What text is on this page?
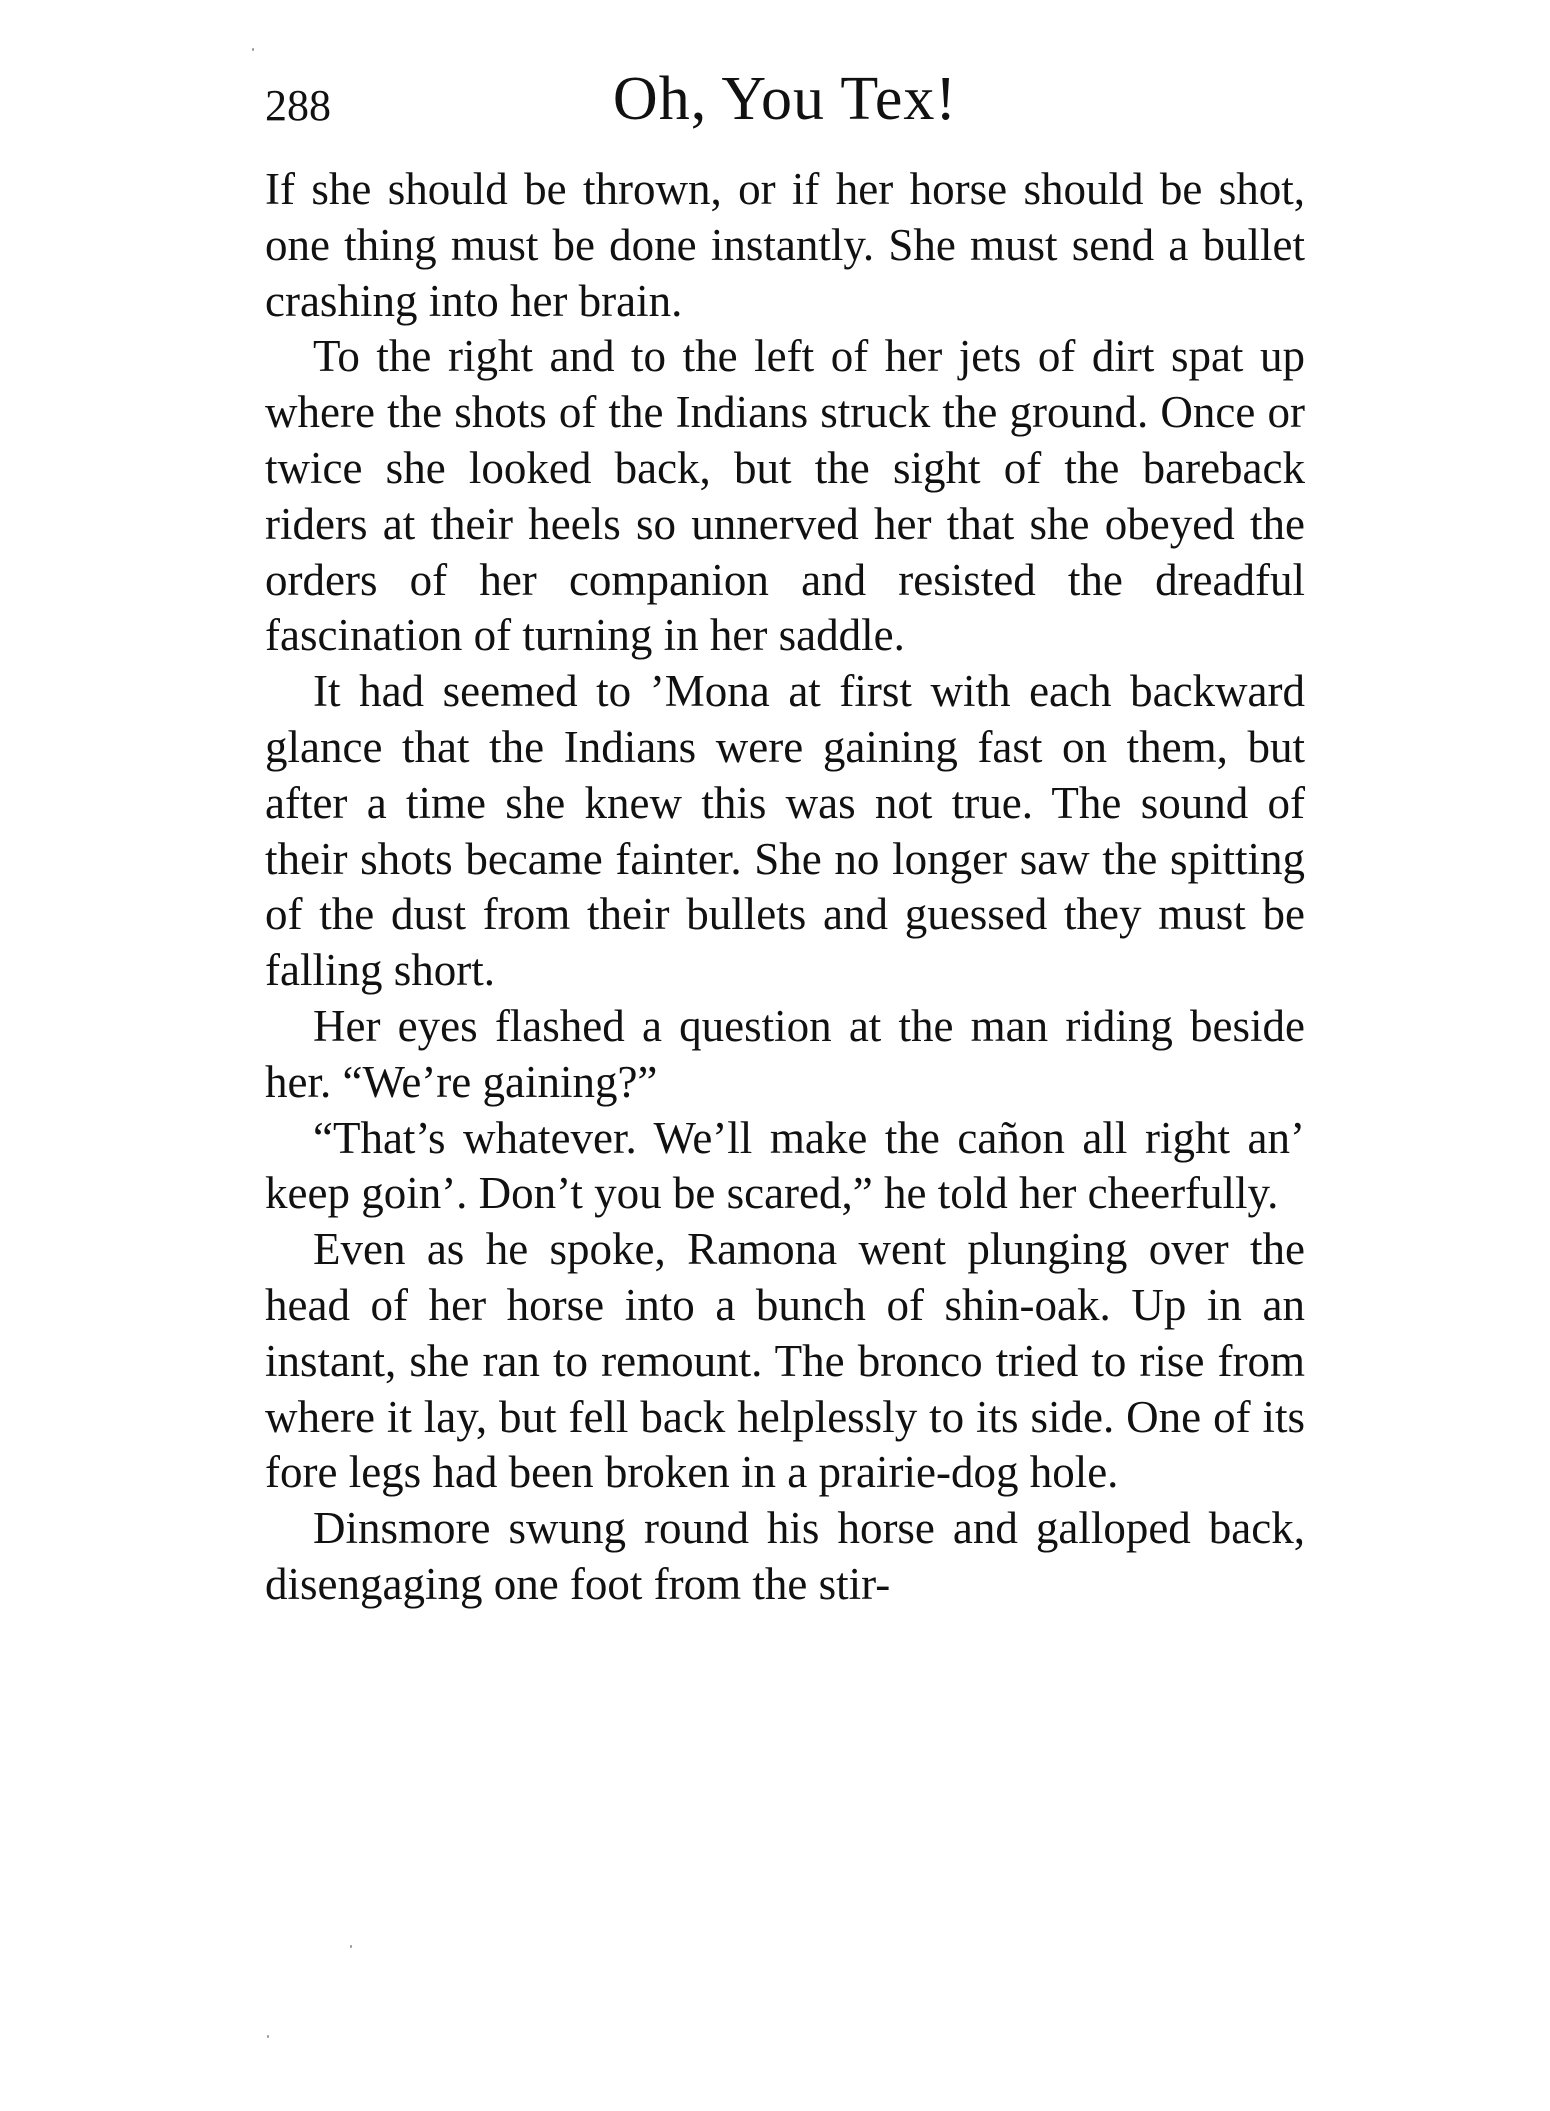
288	Oh, You Tex!

If she should be thrown, or if her horse should be shot, one thing must be done instantly. She must send a bullet crashing into her brain.

To the right and to the left of her jets of dirt spat up where the shots of the Indians struck the ground. Once or twice she looked back, but the sight of the bareback riders at their heels so unnerved her that she obeyed the orders of her companion and resisted the dreadful fascination of turning in her saddle.

It had seemed to ’Mona at first with each backward glance that the Indians were gaining fast on them, but after a time she knew this was not true. The sound of their shots became fainter. She no longer saw the spitting of the dust from their bullets and guessed they must be falling short.

Her eyes flashed a question at the man riding beside her. “We’re gaining?”

“That’s whatever. We’ll make the cañon all right an’ keep goin’. Don’t you be scared,” he told her cheerfully.

Even as he spoke, Ramona went plunging over the head of her horse into a bunch of shin-oak. Up in an instant, she ran to remount. The bronco tried to rise from where it lay, but fell back helplessly to its side. One of its fore legs had been broken in a prairie-dog hole.

Dinsmore swung round his horse and galloped back, disengaging one foot from the stir-
